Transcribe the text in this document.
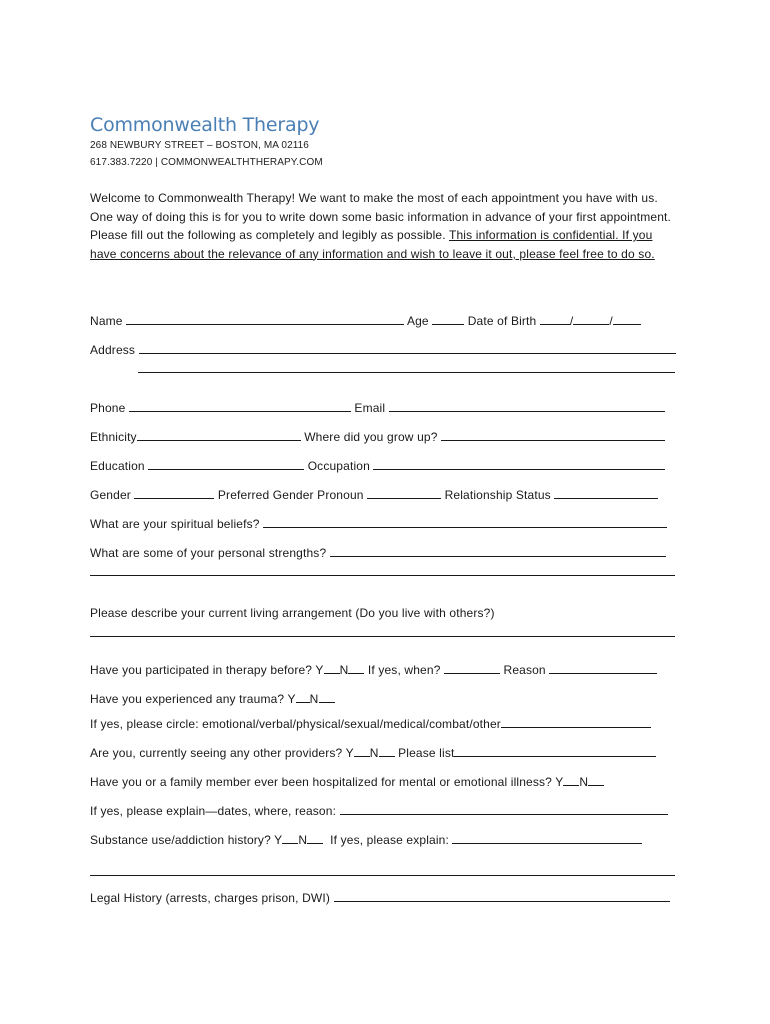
Commonwealth Therapy
268 NEWBURY STREET – BOSTON, MA 02116
617.383.7220 | COMMONWEALTHTHERAPY.COM

Welcome to Commonwealth Therapy! We want to make the most of each appointment you have with us. One way of doing this is for you to write down some basic information in advance of your first appointment. Please fill out the following as completely and legibly as possible. This information is confidential. If you have concerns about the relevance of any information and wish to leave it out, please feel free to do so.

Name	Age	Date of Birth	/	/
Address
Phone	Email
Ethnicity	Where did you grow up?
Education	Occupation
Gender	Preferred Gender Pronoun	Relationship Status
What are your spiritual beliefs?
What are some of your personal strengths?
Please describe your current living arrangement (Do you live with others?)
Have you participated in therapy before? Y N If yes, when?	Reason
Have you experienced any trauma? Y N
If yes, please circle: emotional/verbal/physical/sexual/medical/combat/other
Are you, currently seeing any other providers? Y N Please list
Have you or a family member ever been hospitalized for mental or emotional illness? Y N
If yes, please explain—dates, where, reason:
Substance use/addiction history? Y N If yes, please explain:
Legal History (arrests, charges prison, DWI)
